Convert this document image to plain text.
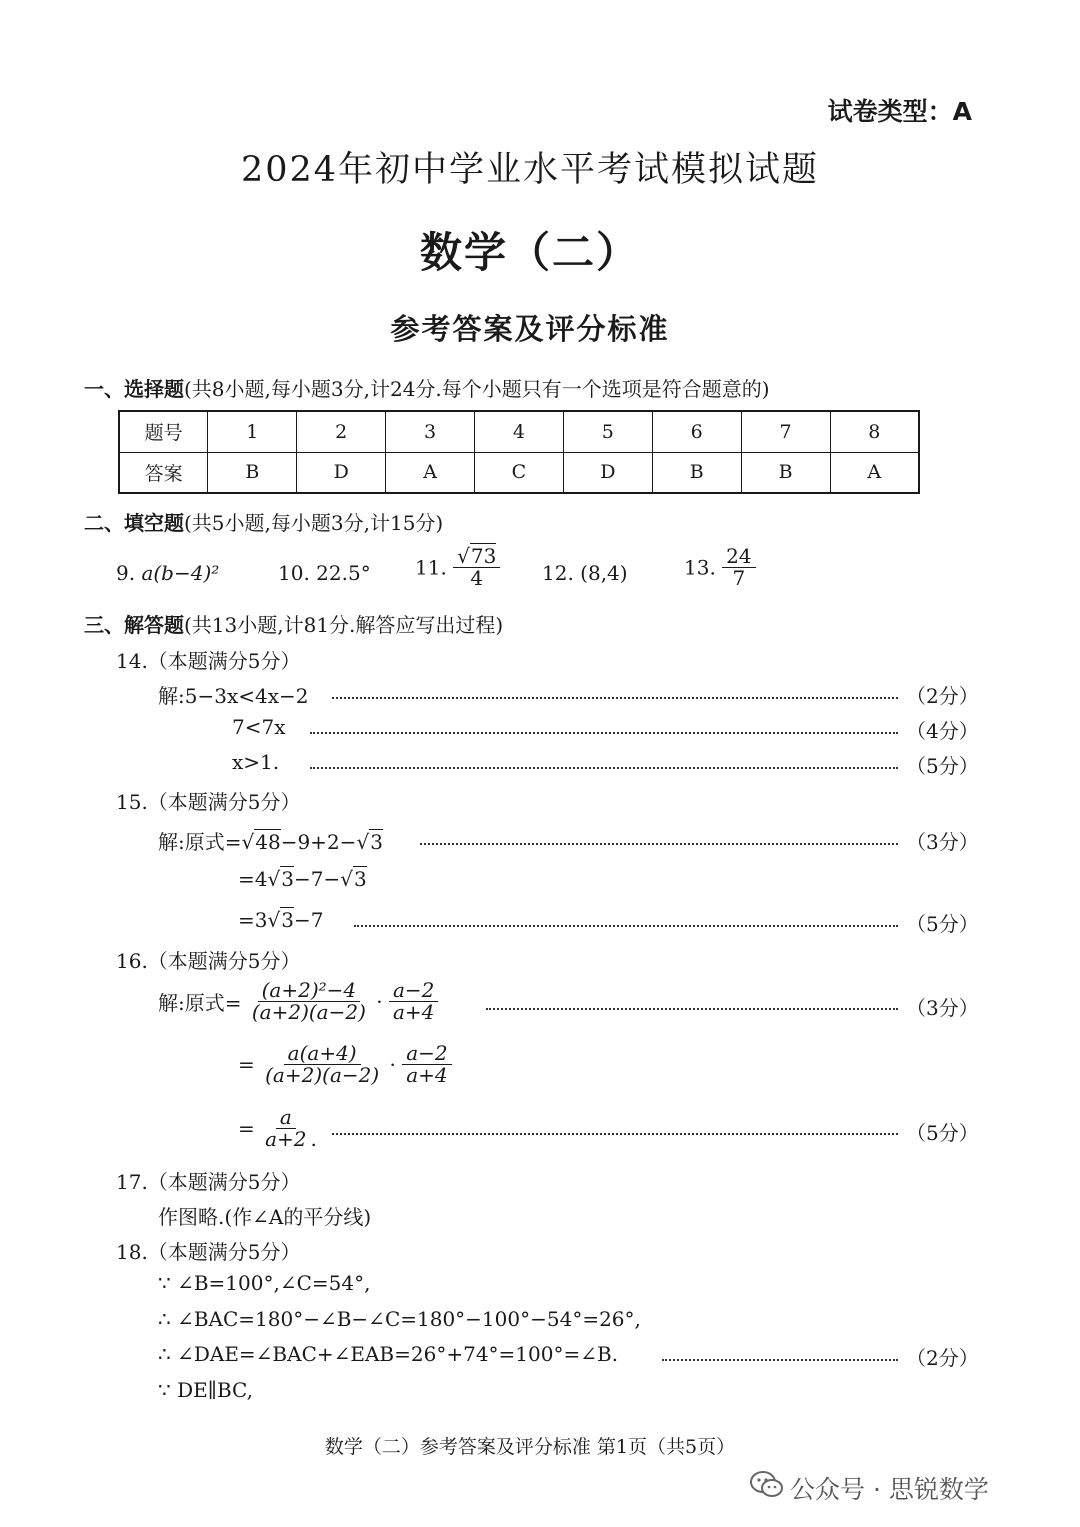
试卷类型：A
2024年初中学业水平考试模拟试题
数学（二）
参考答案及评分标准
一、选择题(共8小题,每小题3分,计24分.每个小题只有一个选项是符合题意的)
题号	1	2	3	4	5	6	7	8
答案	B	D	A	C	D	B	B	A
二、填空题(共5小题,每小题3分,计15分)
9. a(b−4)²	10. 22.5° 11. $\frac{√73}{4} 12$. (8,4)	13. $\frac{24}{7}$
三、解答题(共13小题,计81分.解答应写出过程)
14.（本题满分5分）
解:5−3x<4x−2	（2分）
7<7x	（4分）
x>1.	（5分）
15.（本题满分5分）
解:原式=√48−9+2−√3	（3分）
=4√3−7−√3
=3√3−7	（5分）
16.（本题满分5分）
解:原式= $\frac{\text{(a+2)²−4}}{(a+2)(a-2)} \cdot \frac{a-2}{a+4}$	（3分）
= $\frac{a(a+4)}{(a+2)(a-2)} \cdot \frac{a-2}{a+4}$
= $\frac{a}{a+2}$ .	（5分）
17.（本题满分5分）
作图略.(作∠A的平分线)
18.（本题满分5分）
∵ ∠B=100°,∠C=54°,
∴ ∠BAC=180°−∠B−∠C=180°−100°−54°=26°,
∴ ∠DAE=∠BAC+∠EAB=26°+74°=100°=∠B.	（2分）
∵ DE∥BC,
数学（二）参考答案及评分标准 第1页（共5页）
公众号 · 思锐数学
